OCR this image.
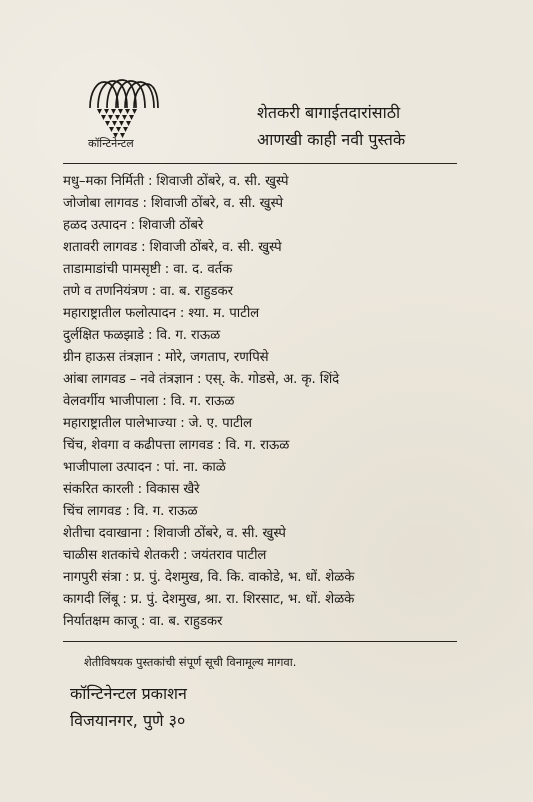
कॉन्टिनेन्टल
शेतकरी बागाईतदारांसाठी
आणखी काही नवी पुस्तके
मधु–मका निर्मिती : शिवाजी ठोंबरे, व. सी. खुस्पे
जोजोबा लागवड : शिवाजी ठोंबरे, व. सी. खुस्पे
हळद उत्पादन : शिवाजी ठोंबरे
शतावरी लागवड : शिवाजी ठोंबरे, व. सी. खुस्पे
ताडामाडांची पामसृष्टी : वा. द. वर्तक
तणे व तणनियंत्रण : वा. ब. राहुडकर
महाराष्ट्रातील फलोत्पादन : श्या. म. पाटील
दुर्लक्षित फळझाडे : वि. ग. राऊळ
ग्रीन हाऊस तंत्रज्ञान : मोरे, जगताप, रणपिसे
आंबा लागवड – नवे तंत्रज्ञान : एस्. के. गोडसे, अ. कृ. शिंदे
वेलवर्गीय भाजीपाला : वि. ग. राऊळ
महाराष्ट्रातील पालेभाज्या : जे. ए. पाटील
चिंच, शेवगा व कढीपत्ता लागवड : वि. ग. राऊळ
भाजीपाला उत्पादन : पां. ना. काळे
संकरित कारली : विकास खैरे
चिंच लागवड : वि. ग. राऊळ
शेतीचा दवाखाना : शिवाजी ठोंबरे, व. सी. खुस्पे
चाळीस शतकांचे शेतकरी : जयंतराव पाटील
नागपुरी संत्रा : प्र. पुं. देशमुख, वि. कि. वाकोडे, भ. धों. शेळके
कागदी लिंबू : प्र. पुं. देशमुख, श्रा. रा. शिरसाट, भ. धों. शेळके
निर्यातक्षम काजू : वा. ब. राहुडकर
शेतीविषयक पुस्तकांची संपूर्ण सूची विनामूल्य मागवा.
कॉन्टिनेन्टल प्रकाशन
विजयानगर, पुणे ३०
